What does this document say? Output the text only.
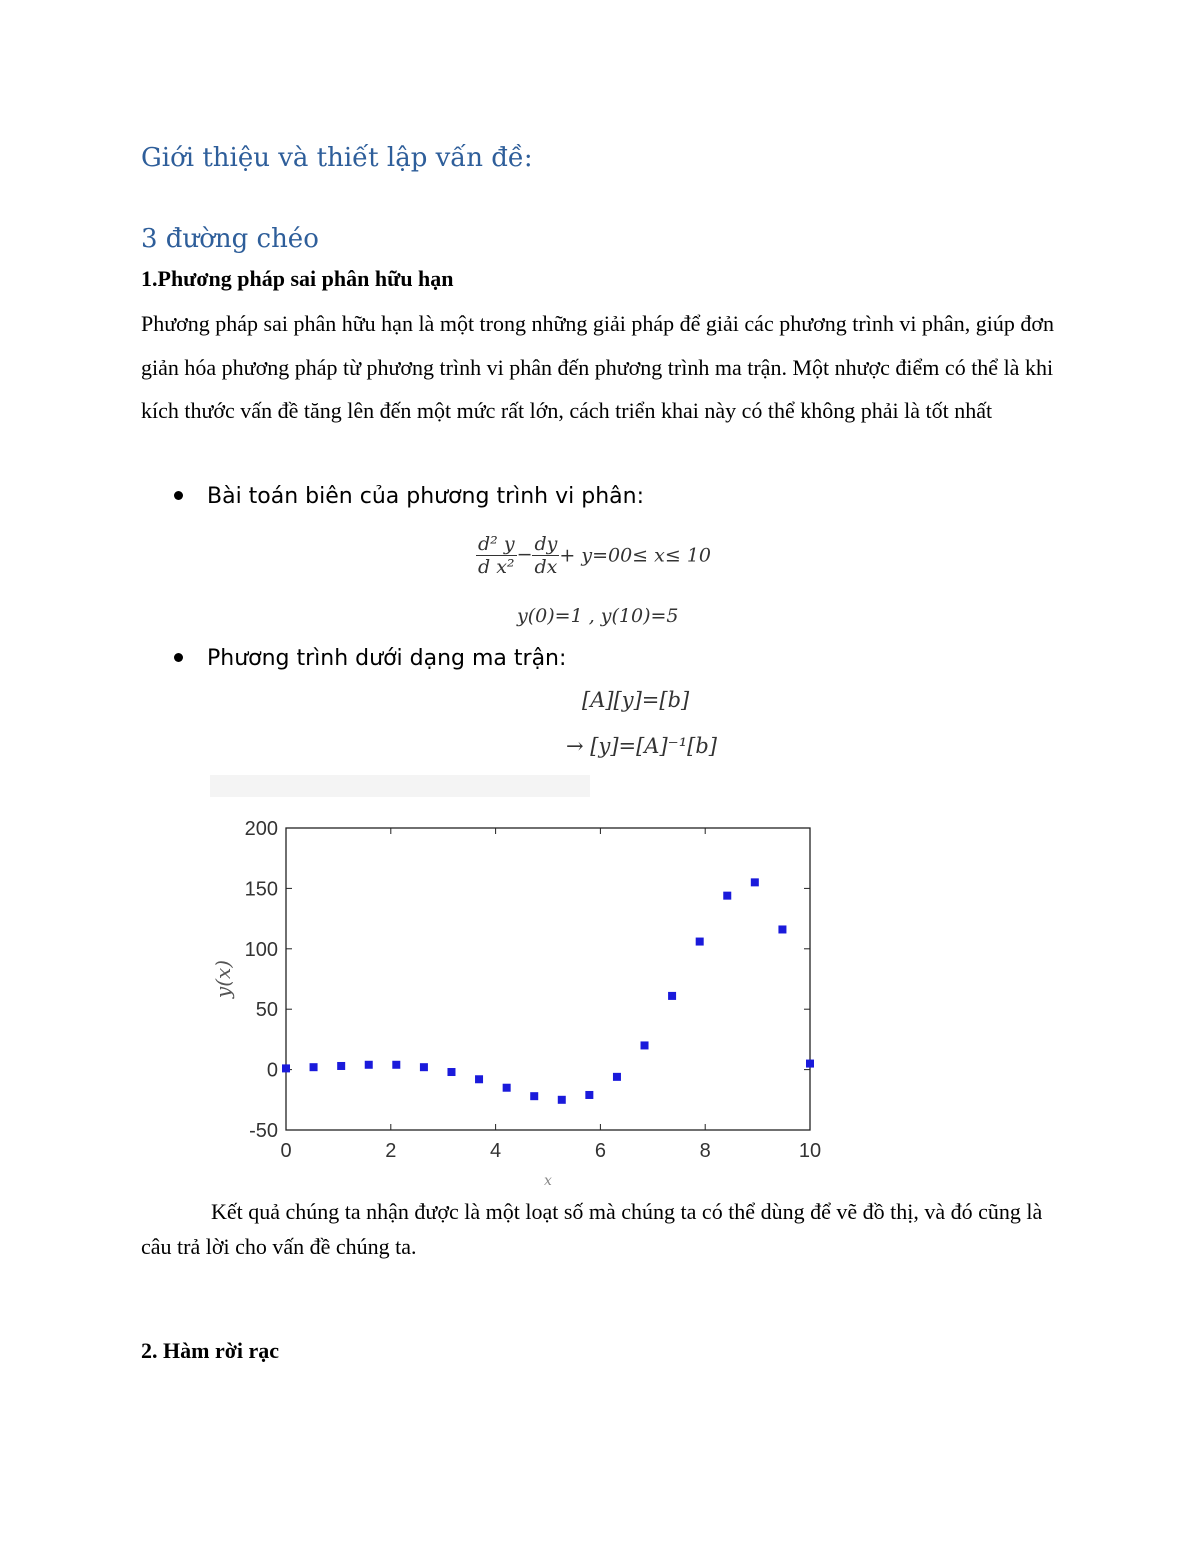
Giới thiệu và thiết lập vấn đề:
3 đường chéo
1.Phương pháp sai phân hữu hạn

Phương pháp sai phân hữu hạn là một trong những giải pháp để giải các phương trình vi phân, giúp đơn giản hóa phương pháp từ phương trình vi phân đến phương trình ma trận. Một nhược điểm có thể là khi kích thước vấn đề tăng lên đến một mức rất lớn, cách triển khai này có thể không phải là tốt nhất

Bài toán biên của phương trình vi phân:
$\frac{\text{d² y}}{\text{d x²}} - \frac{dy}{dx} + y=00\le x\le 10$
y(0)=1 , y(10)=5
Phương trình dưới dạng ma trận:
[A][y]=[b]
→ [y]=[A]⁻¹[b]
0	2	4	6	8	10
-50
0
50
100
150
200
y(x)
x

Kết quả chúng ta nhận được là một loạt số mà chúng ta có thể dùng để vẽ đồ thị, và đó cũng là câu trả lời cho vấn đề chúng ta.

2. Hàm rời rạc
